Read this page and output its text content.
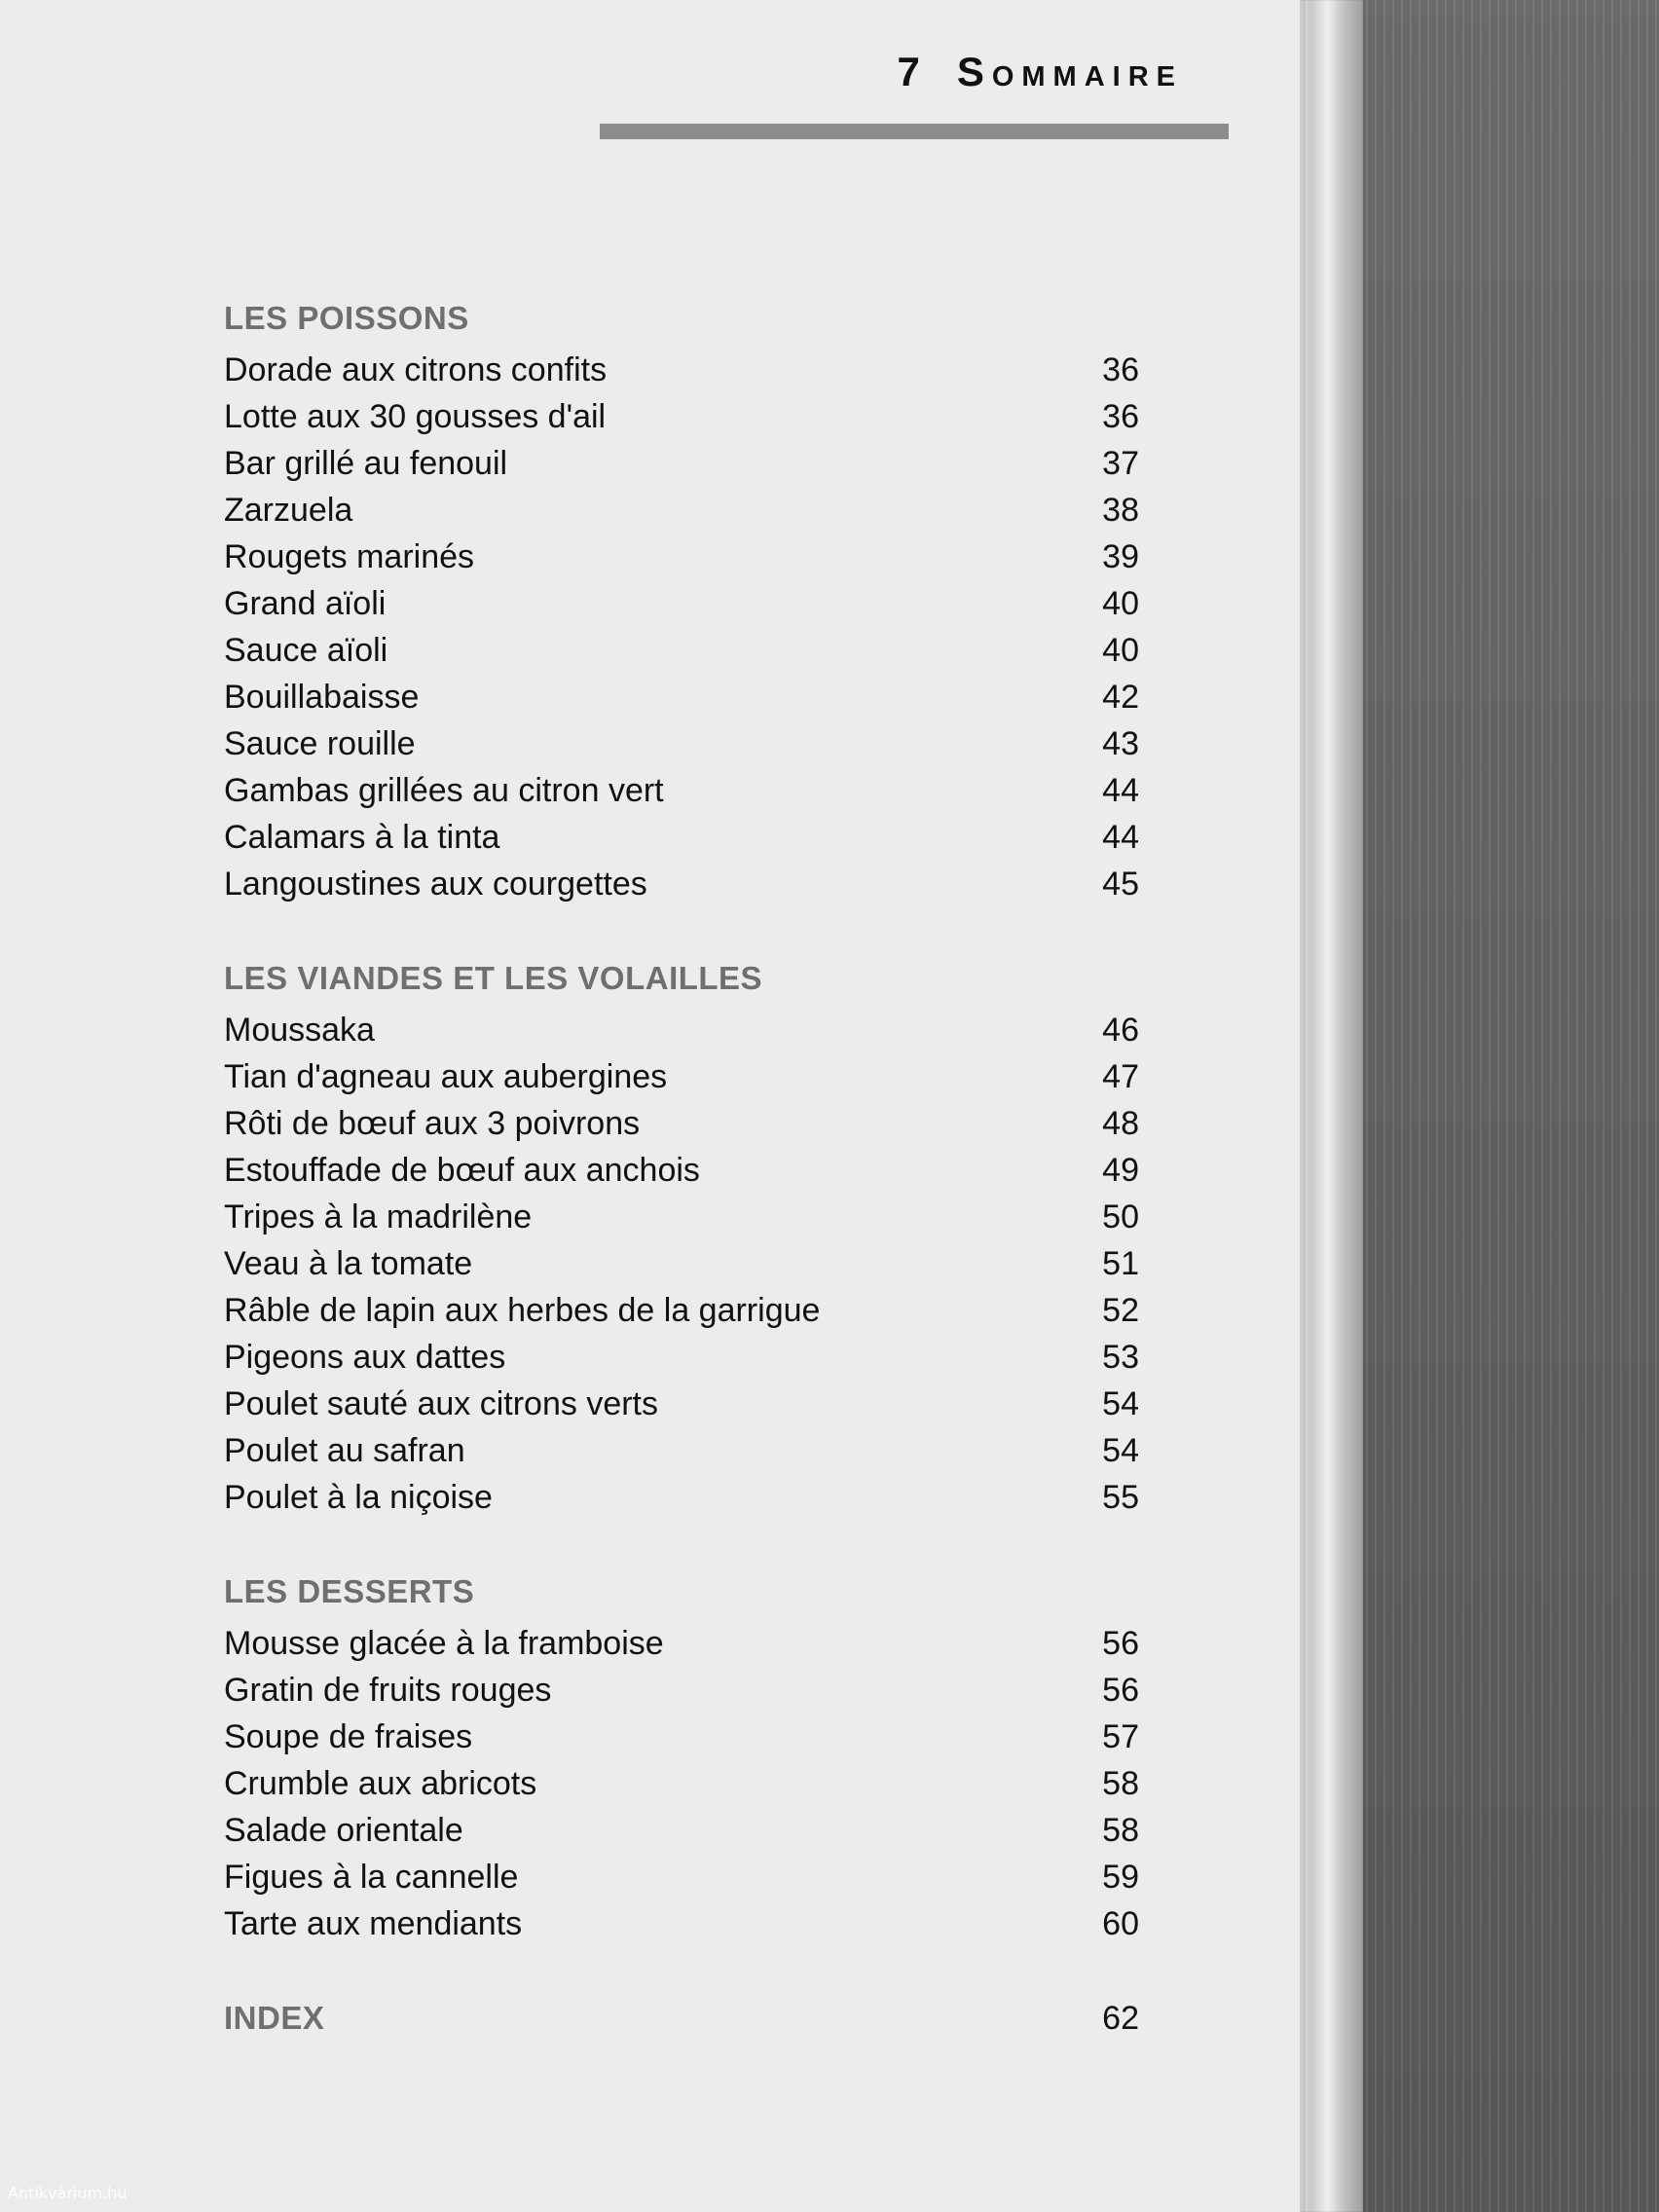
7 Sommaire
LES POISSONS
Dorade aux citrons confits	36
Lotte aux 30 gousses d'ail	36
Bar grillé au fenouil	37
Zarzuela	38
Rougets marinés	39
Grand aïoli	40
Sauce aïoli	40
Bouillabaisse	42
Sauce rouille	43
Gambas grillées au citron vert	44
Calamars à la tinta	44
Langoustines aux courgettes	45
LES VIANDES ET LES VOLAILLES
Moussaka	46
Tian d'agneau aux aubergines	47
Rôti de bœuf aux 3 poivrons	48
Estouffade de bœuf aux anchois	49
Tripes à la madrilène	50
Veau à la tomate	51
Râble de lapin aux herbes de la garrigue	52
Pigeons aux dattes	53
Poulet sauté aux citrons verts	54
Poulet au safran	54
Poulet à la niçoise	55
LES DESSERTS
Mousse glacée à la framboise	56
Gratin de fruits rouges	56
Soupe de fraises	57
Crumble aux abricots	58
Salade orientale	58
Figues à la cannelle	59
Tarte aux mendiants	60
INDEX	62
Antikvárium.hu
